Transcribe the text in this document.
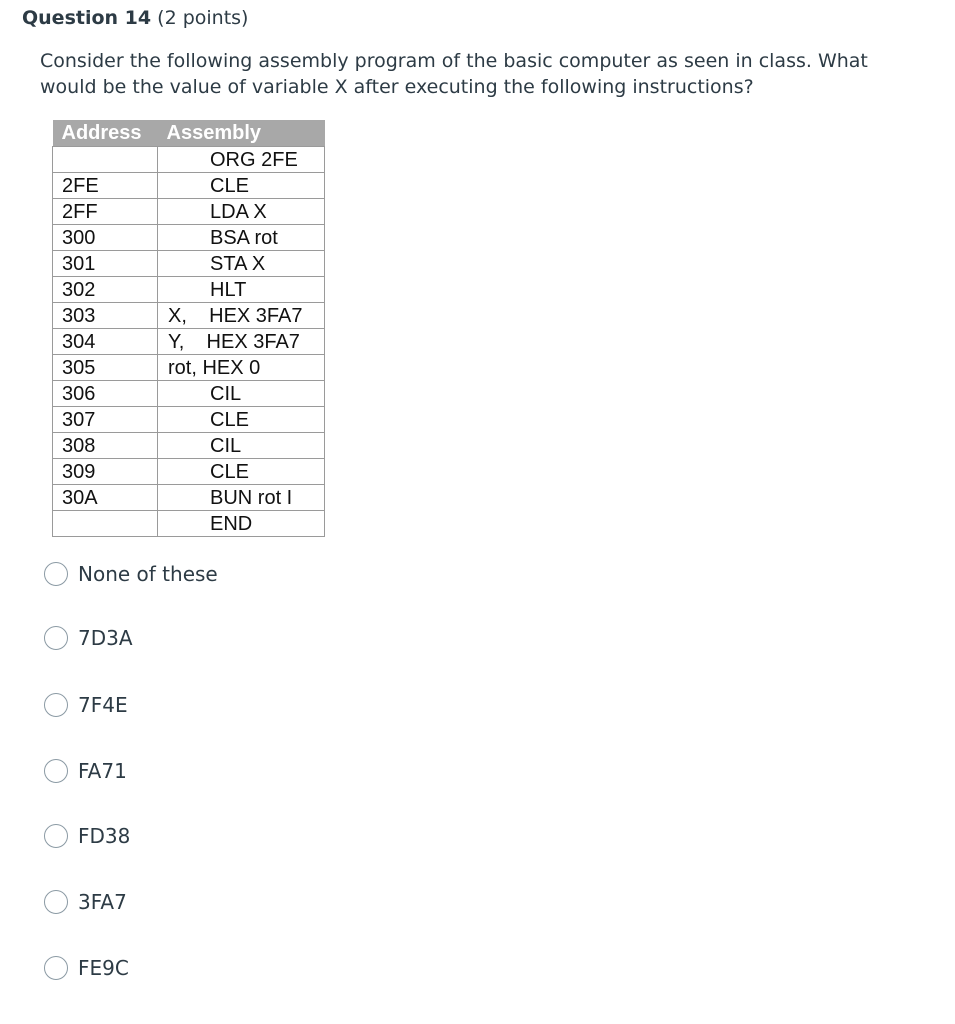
Question 14 (2 points)
Consider the following assembly program of the basic computer as seen in class. What would be the value of variable X after executing the following instructions?
Address	Assembly
	ORG 2FE
2FE	CLE
2FF	LDA X
300	BSA rot
301	STA X
302	HLT
303	X,    HEX 3FA7
304	Y,    HEX 3FA7
305	rot, HEX 0
306	CIL
307	CLE
308	CIL
309	CLE
30A	BUN rot I
	END
None of these
7D3A
7F4E
FA71
FD38
3FA7
FE9C
